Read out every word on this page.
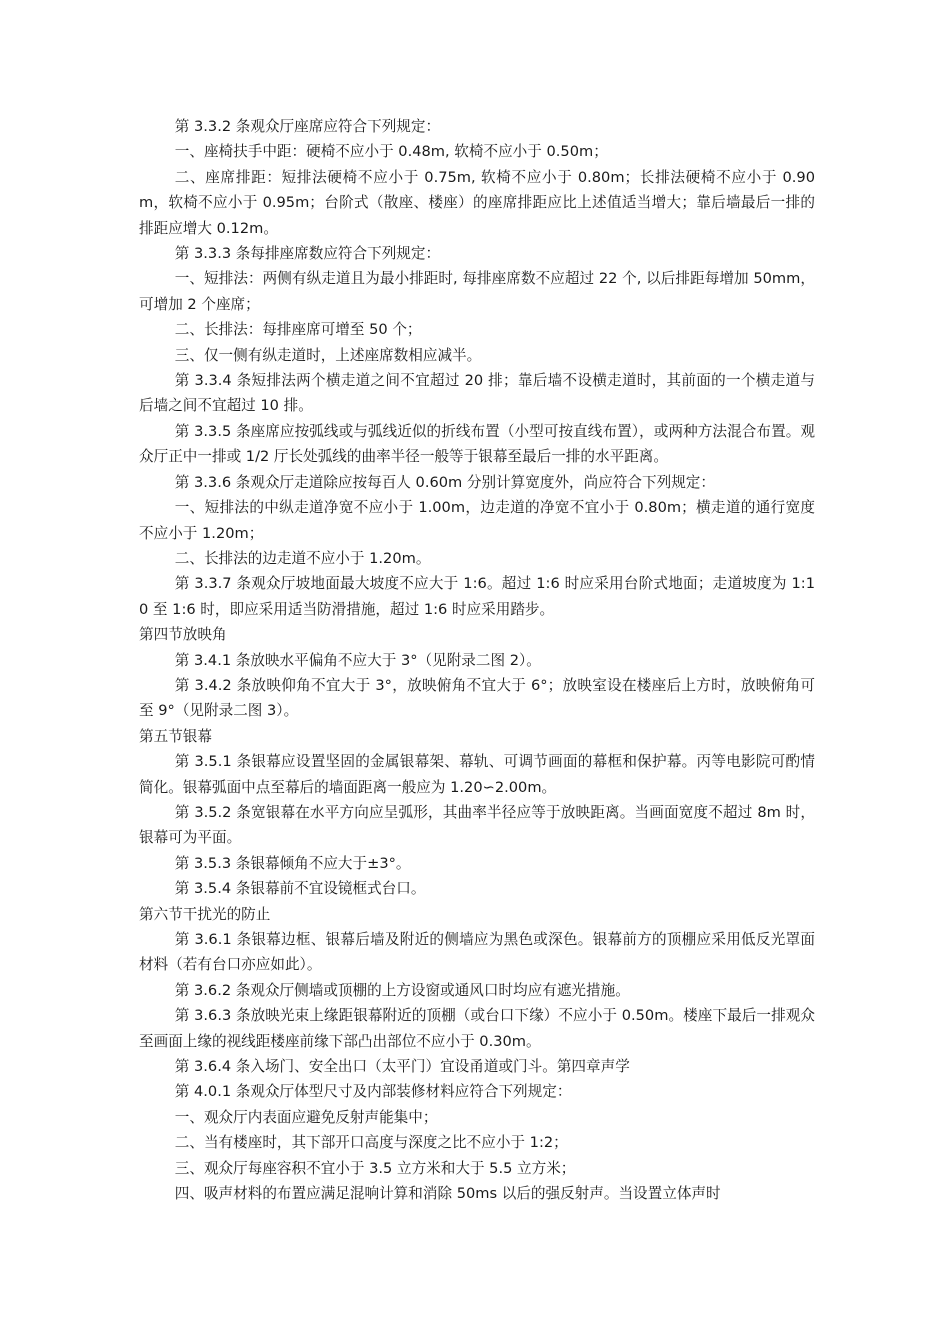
第 3.3.2 条观众厅座席应符合下列规定：

一、座椅扶手中距：硬椅不应小于 0.48m, 软椅不应小于 0.50m；

二、座席排距：短排法硬椅不应小于 0.75m, 软椅不应小于 0.80m；长排法硬椅不应小于 0.90m，软椅不应小于 0.95m；台阶式（散座、楼座）的座席排距应比上述值适当增大；靠后墙最后一排的排距应增大 0.12m。

第 3.3.3 条每排座席数应符合下列规定：

一、短排法：两侧有纵走道且为最小排距时, 每排座席数不应超过 22 个, 以后排距每增加 50mm，可增加 2 个座席；

二、长排法：每排座席可增至 50 个；

三、仅一侧有纵走道时，上述座席数相应减半。

第 3.3.4 条短排法两个横走道之间不宜超过 20 排；靠后墙不设横走道时，其前面的一个横走道与后墙之间不宜超过 10 排。

第 3.3.5 条座席应按弧线或与弧线近似的折线布置（小型可按直线布置），或两种方法混合布置。观众厅正中一排或 1/2 厅长处弧线的曲率半径一般等于银幕至最后一排的水平距离。

第 3.3.6 条观众厅走道除应按每百人 0.60m 分别计算宽度外，尚应符合下列规定：

一、短排法的中纵走道净宽不应小于 1.00m，边走道的净宽不宜小于 0.80m；横走道的通行宽度不应小于 1.20m；

二、长排法的边走道不应小于 1.20m。

第 3.3.7 条观众厅坡地面最大坡度不应大于 1:6。超过 1:6 时应采用台阶式地面；走道坡度为 1:10 至 1:6 时，即应采用适当防滑措施，超过 1:6 时应采用踏步。

第四节放映角

第 3.4.1 条放映水平偏角不应大于 3°（见附录二图 2）。

第 3.4.2 条放映仰角不宜大于 3°，放映俯角不宜大于 6°；放映室设在楼座后上方时，放映俯角可至 9°（见附录二图 3）。

第五节银幕

第 3.5.1 条银幕应设置坚固的金属银幕架、幕轨、可调节画面的幕框和保护幕。丙等电影院可酌情简化。银幕弧面中点至幕后的墙面距离一般应为 1.20∽2.00m。

第 3.5.2 条宽银幕在水平方向应呈弧形，其曲率半径应等于放映距离。当画面宽度不超过 8m 时，银幕可为平面。

第 3.5.3 条银幕倾角不应大于±3°。

第 3.5.4 条银幕前不宜设镜框式台口。

第六节干扰光的防止

第 3.6.1 条银幕边框、银幕后墙及附近的侧墙应为黑色或深色。银幕前方的顶棚应采用低反光罩面材料（若有台口亦应如此）。

第 3.6.2 条观众厅侧墙或顶棚的上方设窗或通风口时均应有遮光措施。

第 3.6.3 条放映光束上缘距银幕附近的顶棚（或台口下缘）不应小于 0.50m。楼座下最后一排观众至画面上缘的视线距楼座前缘下部凸出部位不应小于 0.30m。

第 3.6.4 条入场门、安全出口（太平门）宜设甬道或门斗。第四章声学

第 4.0.1 条观众厅体型尺寸及内部装修材料应符合下列规定：

一、观众厅内表面应避免反射声能集中；

二、当有楼座时，其下部开口高度与深度之比不应小于 1:2；

三、观众厅每座容积不宜小于 3.5 立方米和大于 5.5 立方米；

四、吸声材料的布置应满足混响计算和消除 50ms 以后的强反射声。当设置立体声时
